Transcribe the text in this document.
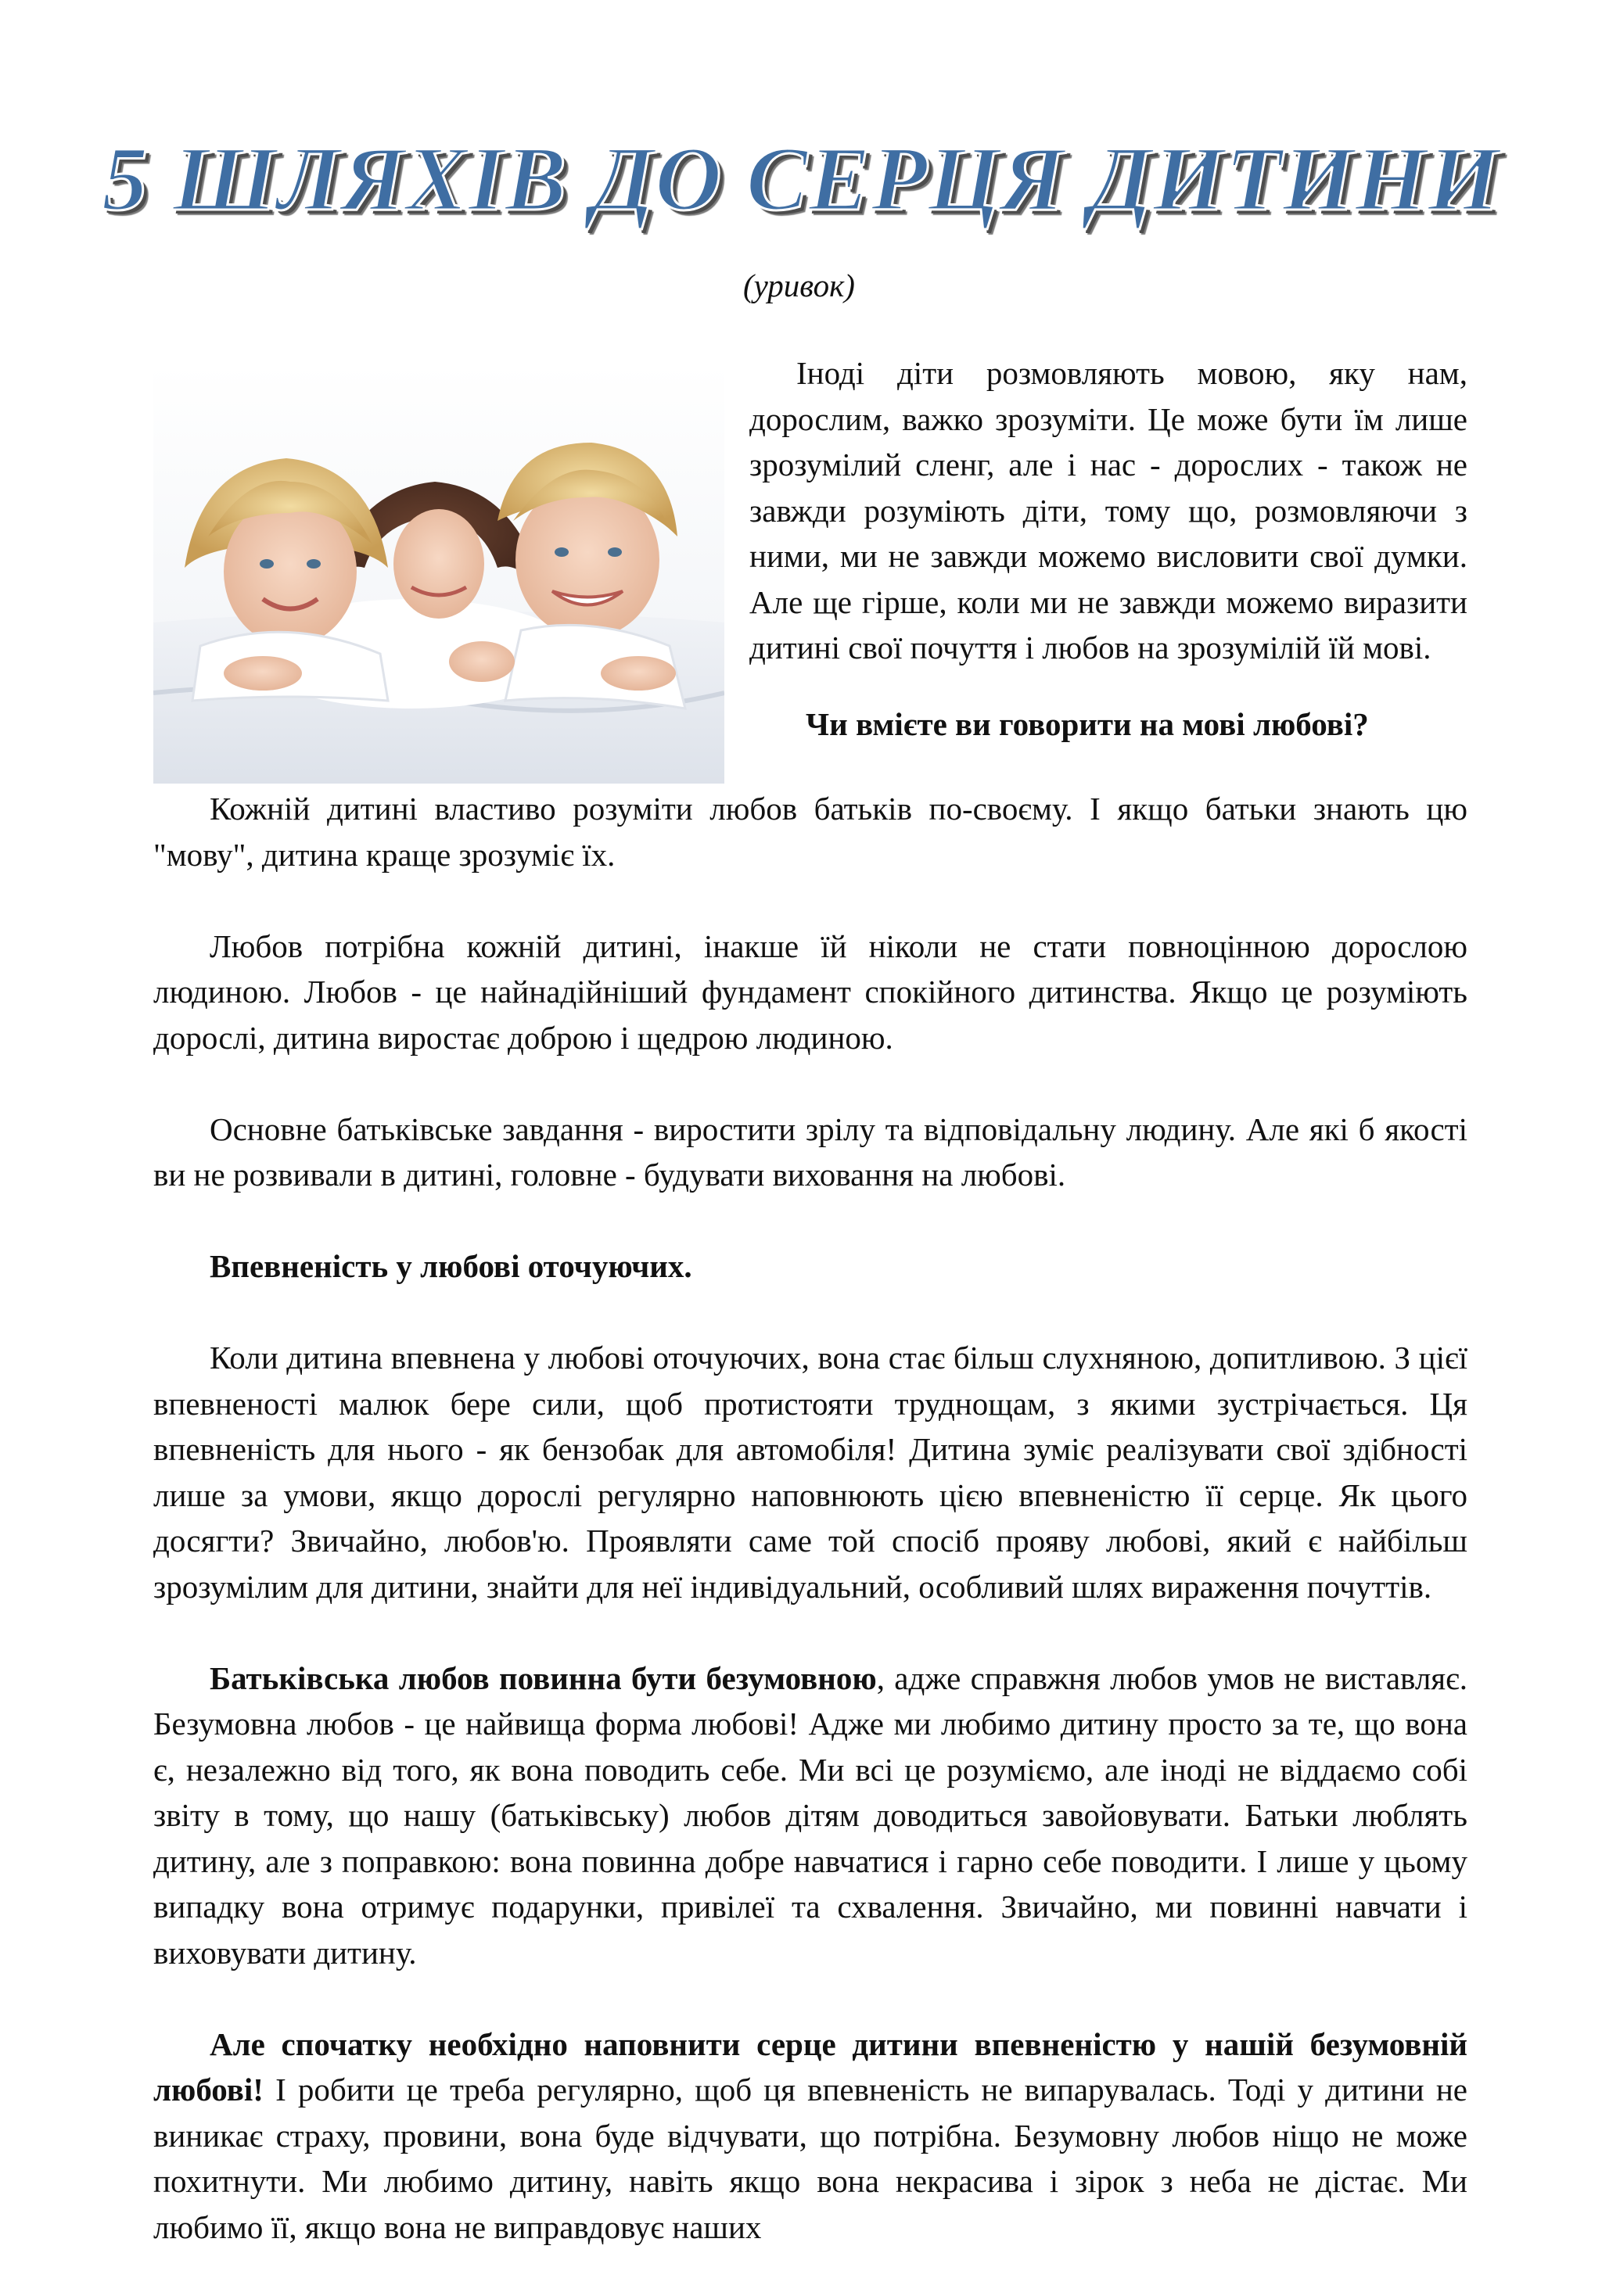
5 ШЛЯХІВ ДО СЕРЦЯ ДИТИНИ
(уривок)

Іноді діти розмовляють мовою, яку нам, дорослим, важко зрозуміти. Це може бути їм лише зрозумілий сленг, але і нас - дорослих - також не завжди розуміють діти, тому що, розмовляючи з ними, ми не завжди можемо висловити свої думки. Але ще гірше, коли ми не завжди можемо виразити дитині свої почуття і любов на зрозумілій їй мові.

Чи вмієте ви говорити на мові любові?

Кожній дитині властиво розуміти любов батьків по-своєму. І якщо батьки знають цю "мову", дитина краще зрозуміє їх.

Любов потрібна кожній дитині, інакше їй ніколи не стати повноцінною дорослою людиною. Любов - це найнадійніший фундамент спокійного дитинства. Якщо це розуміють дорослі, дитина виростає доброю і щедрою людиною.

Основне батьківське завдання - виростити зрілу та відповідальну людину. Але які б якості ви не розвивали в дитині, головне - будувати виховання на любові.

Впевненість у любові оточуючих.

Коли дитина впевнена у любові оточуючих, вона стає більш слухняною, допитливою. З цієї впевненості малюк бере сили, щоб протистояти труднощам, з якими зустрічається. Ця впевненість для нього - як бензобак для автомобіля! Дитина зуміє реалізувати свої здібності лише за умови, якщо дорослі регулярно наповнюють цією впевненістю її серце. Як цього досягти? Звичайно, любов'ю. Проявляти саме той спосіб прояву любові, який є найбільш зрозумілим для дитини, знайти для неї індивідуальний, особливий шлях вираження почуттів.

Батьківська любов повинна бути безумовною, адже справжня любов умов не виставляє. Безумовна любов - це найвища форма любові! Адже ми любимо дитину просто за те, що вона є, незалежно від того, як вона поводить себе. Ми всі це розуміємо, але іноді не віддаємо собі звіту в тому, що нашу (батьківську) любов дітям доводиться завойовувати. Батьки люблять дитину, але з поправкою: вона повинна добре навчатися і гарно себе поводити. І лише у цьому випадку вона отримує подарунки, привілеї та схвалення. Звичайно, ми повинні навчати і виховувати дитину.

Але спочатку необхідно наповнити серце дитини впевненістю у нашій безумовній любові! І робити це треба регулярно, щоб ця впевненість не випарувалась. Тоді у дитини не виникає страху, провини, вона буде відчувати, що потрібна. Безумовну любов ніщо не може похитнути. Ми любимо дитину, навіть якщо вона некрасива і зірок з неба не дістає. Ми любимо її, якщо вона не виправдовує наших
